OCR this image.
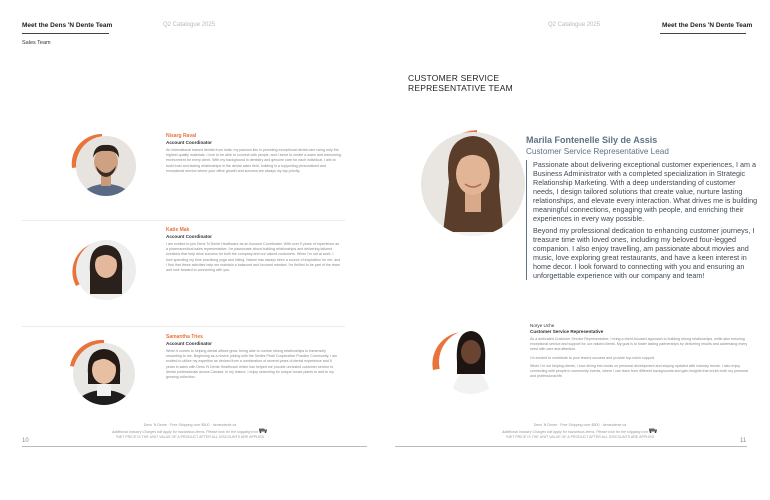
Meet the Dens 'N Dente Team	Q2 Catalogue 2025
Sales Team
Nisarg Raval
Account Coordinator

An international trained dentist from India, my passion lies in providing exceptional dental care using only the highest quality materials. I love to be able to connect with people, and I strive to create a warm and welcoming environment for every client. With my background in dentistry and genuine care for each individual, I aim to build trust and lasting relationships in the dental sales field, building in a supporting personalized and exceptional service where your office growth and success are always my top priority.

Katie Mak
Account Coordinator

I am excited to join Dens 'N Dente Healthcare as an Account Coordinator. With over 9 years of experience as a pharmaceutical sales representative, I'm passionate about building relationships and delivering tailored solutions that help drive success for both the company and our valued customers. When I'm not at work, I love spending my time practicing yoga and hiking. Nature has always been a source of inspiration for me, and I find that these activities help me maintain a balanced and focused mindset. I'm thrilled to be part of the team and look forward to connecting with you.

Samantha Tries
Account Coordinator

When it comes to helping dental offices grow, being able to nurture strong relationships is immensely rewarding to me. Beginning as a novice joining with the Smiles Pearl Cooperative Practice Community, I am excited to utilize my expertise as derived from a combination of several years of dental experience and 5 years in sales with Dens 'N Dente Healthcare which has helped me provide unrivaled customer service to dental professionals across Canada. In my leisure, I enjoy searching for unique house plants to add to my growing collection.

10
Dens 'N Dente · Free Shipping over $500 · densndente.ca
Additional Industry Charges will apply for hazardous items. Please look for the shipping icon
*NET PRICE IS THE UNIT VALUE OF A PRODUCT AFTER ALL DISCOUNTS ARE APPLIED
Q2 Catalogue 2025	Meet the Dens 'N Dente Team
CUSTOMER SERVICE
REPRESENTATIVE TEAM
Marila Fontenelle Sily de Assis
Customer Service Representative Lead

Passionate about delivering exceptional customer experiences, I am a Business Administrator with a completed specialization in Strategic Relationship Marketing. With a deep understanding of customer needs, I design tailored solutions that create value, nurture lasting relationships, and elevate every interaction. What drives me is building meaningful connections, engaging with people, and enriching their experiences in every way possible.

Beyond my professional dedication to enhancing customer journeys, I treasure time with loved ones, including my beloved four-legged companion. I also enjoy travelling, am passionate about movies and music, love exploring great restaurants, and have a keen interest in home decor. I look forward to connecting with you and ensuring an unforgettable experience with our company and team!

Norye Uche
Customer Service Representative

As a dedicated Customer Service Representative, I bring a client-focused approach to building strong relationships, while also ensuring exceptional service and support for our valued clients. My goal is to foster lasting partnerships by delivering results and addressing every need with care and attention.

I'm excited to contribute to your team's success and provide top-notch support.

When I'm not helping clients, I love diving into books on personal development and staying updated with industry trends. I also enjoy connecting with people in community events, where I can learn from different backgrounds and gain insights that enrich both my personal and professional life.

11
Dens 'N Dente · Free Shipping over $500 · densndente.ca
Additional Industry Charges will apply for hazardous items. Please look for the shipping icon
*NET PRICE IS THE UNIT VALUE OF A PRODUCT AFTER ALL DISCOUNTS ARE APPLIED
